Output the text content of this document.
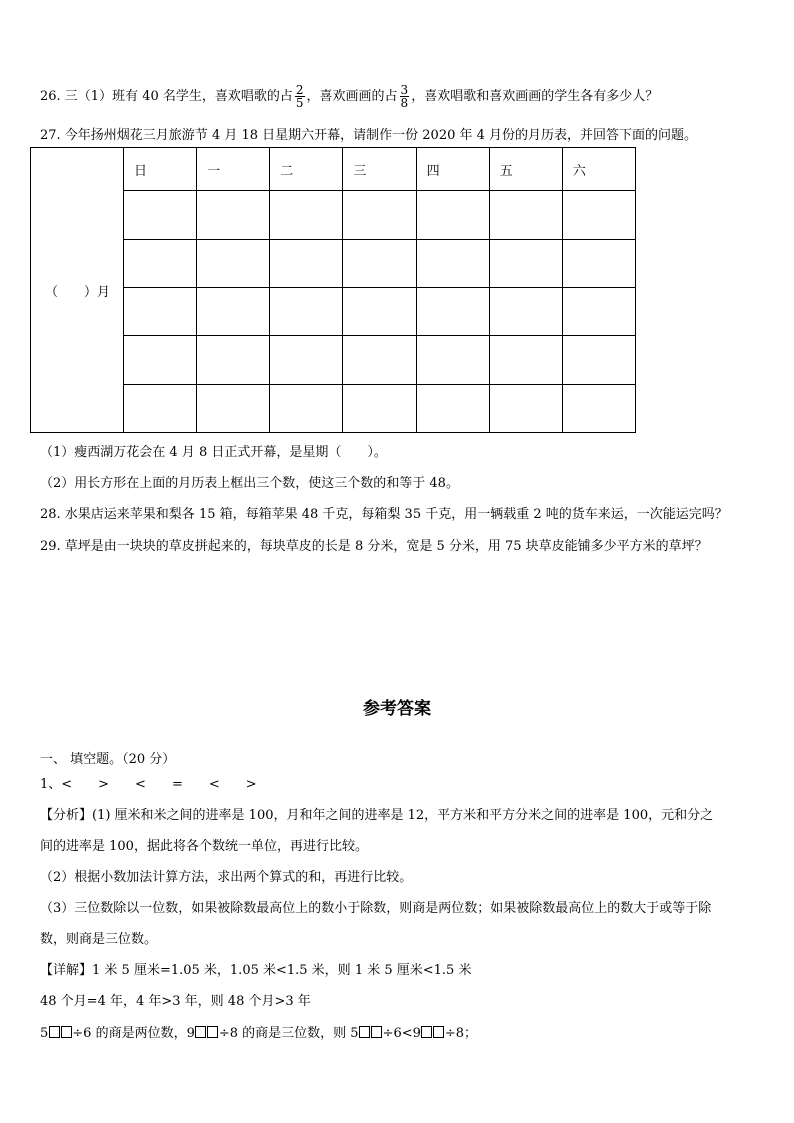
26. 三（1）班有 40 名学生，喜欢唱歌的占 $\frac{2}{5}$ ，喜欢画画的占 $\frac{3}{8}$ ，喜欢唱歌和喜欢画画的学生各有多少人？
27. 今年扬州烟花三月旅游节 4 月 18 日星期六开幕，请制作一份 2020 年 4 月份的月历表，并回答下面的问题。
（　　）月	日	一	二	三	四	五	六

（1）瘦西湖万花会在 4 月 8 日正式开幕，是星期（　　）。
（2）用长方形在上面的月历表上框出三个数，使这三个数的和等于 48。
28. 水果店运来苹果和梨各 15 箱，每箱苹果 48 千克，每箱梨 35 千克，用一辆载重 2 吨的货车来运，一次能运完吗？
29. 草坪是由一块块的草皮拼起来的，每块草皮的长是 8 分米，宽是 5 分米，用 75 块草皮能铺多少平方米的草坪？
参考答案
一、 填空题。（20 分）
1、<　　>　　<　　=　　<　　>
【分析】(1) 厘米和米之间的进率是 100，月和年之间的进率是 12，平方米和平方分米之间的进率是 100，元和分之
间的进率是 100，据此将各个数统一单位，再进行比较。
（2）根据小数加法计算方法，求出两个算式的和，再进行比较。
（3）三位数除以一位数，如果被除数最高位上的数小于除数，则商是两位数；如果被除数最高位上的数大于或等于除
数，则商是三位数。
【详解】1 米 5 厘米=1.05 米，1.05 米<1.5 米，则 1 米 5 厘米<1.5 米
48 个月=4 年，4 年>3 年，则 48 个月>3 年
5 ÷6 的商是两位数，9 ÷8 的商是三位数，则 5 ÷6<9 ÷8；
